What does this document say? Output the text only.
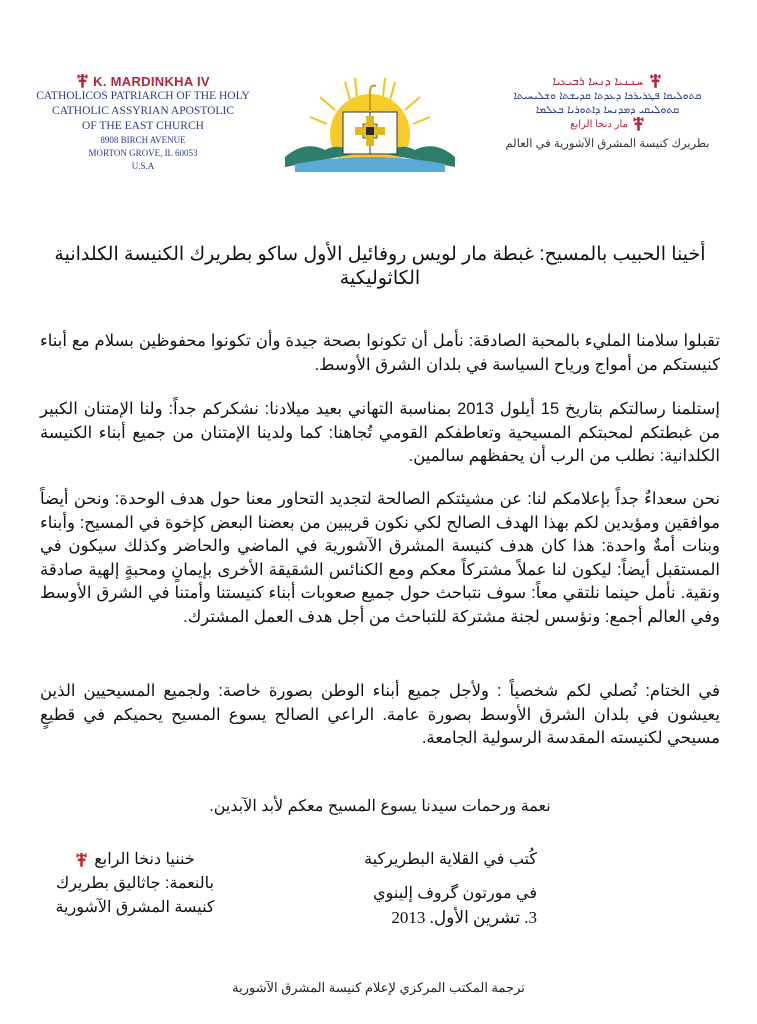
K. MARDINKHA IV
CATHOLICOS PATRIARCH OF THE HOLY
CATHOLIC ASSYRIAN APOSTOLIC
OF THE EAST CHURCH
8908 BIRCH AVENUE
MORTON GROVE, IL 60053
U.S.A
ܚܢܢܝܐ ܕܢܚܐ ܪܒܝܥܝܐ
ܩܬܘܠܝܩܐ ܦܛܪܝܪܟܐ ܕܥܕܬܐ ܩܕܝܫܬܐ ܘܫܠܝܚܝܬܐ
ܩܬܘܠܝܩܝ ܕܡܕܢܚܐ ܕܐܬܘܪܝܐ ܒܥܠܡܐ
مار دنخا الرابع
بطريرك كنيسة المشرق الآشورية في العالم
أخينا الحبيب بالمسيح: غبطة مار لويس روفائيل الأول ساكو بطريرك الكنيسة الكلدانية الكاثوليكية
تقبلوا سلامنا المليء بالمحبة الصادقة: نأمل أن تكونوا بصحة جيدة وأن تكونوا محفوظين بسلام مع أبناء كنيستكم من أمواج ورياح السياسة في بلدان الشرق الأوسط.
إستلمنا رسالتكم بتاريخ 15 أيلول 2013 بمناسبة التهاني بعيد ميلادنا: نشكركم جداً: ولنا الإمتنان الكبير من غبطتكم لمحبتكم المسيحية وتعاطفكم القومي تُجاهنا: كما ولدينا الإمتنان من جميع أبناء الكنيسة الكلدانية: نطلب من الرب أن يحفظهم سالمين.
نحن سعداءٌ جداً بإعلامكم لنا: عن مشيئتكم الصالحة لتجديد التحاور معنا حول هدف الوحدة: ونحن أيضاً موافقين ومؤيدين لكم بهذا الهدف الصالح لكي نكون قريبين من بعضنا البعض كإخوة في المسيح: وأبناء وبنات أمةٌ واحدة: هذا كان هدف كنيسة المشرق الآشورية في الماضي والحاضر وكذلك سيكون في المستقبل أيضاً: ليكون لنا عملاً مشتركاً معكم ومع الكنائس الشقيقة الأخرى بإيمانٍ ومحبةٍ إلهية صادقة ونقية. نأمل حينما نلتقي معاً: سوف نتباحث حول جميع صعوبات أبناء كنيستنا وأمتنا في الشرق الأوسط وفي العالم أجمع: ونؤسس لجنة مشتركة للتباحث من أجل هدف العمل المشترك.
في الختام: نُصلي لكم شخصياً : ولأجل جميع أبناء الوطن بصورة خاصة: ولجميع المسيحيين الذين يعيشون في بلدان الشرق الأوسط بصورة عامة. الراعي الصالح يسوع المسيح يحميكم في قطيعٍ مسيحي لكنيسته المقدسة الرسولية الجامعة.
نعمة ورحمات سيدنا يسوع المسيح معكم لأبد الآبدين.
خننيا دنخا الرابع
بالنعمة: جاثاليق بطريرك
كنيسة المشرق الآشورية
كُتب في القلاية البطريركية
في مورتون گروف إلينوي
3. تشرين الأول. 2013
ترجمة المكتب المركزي لإعلام كنيسة المشرق الآشورية
